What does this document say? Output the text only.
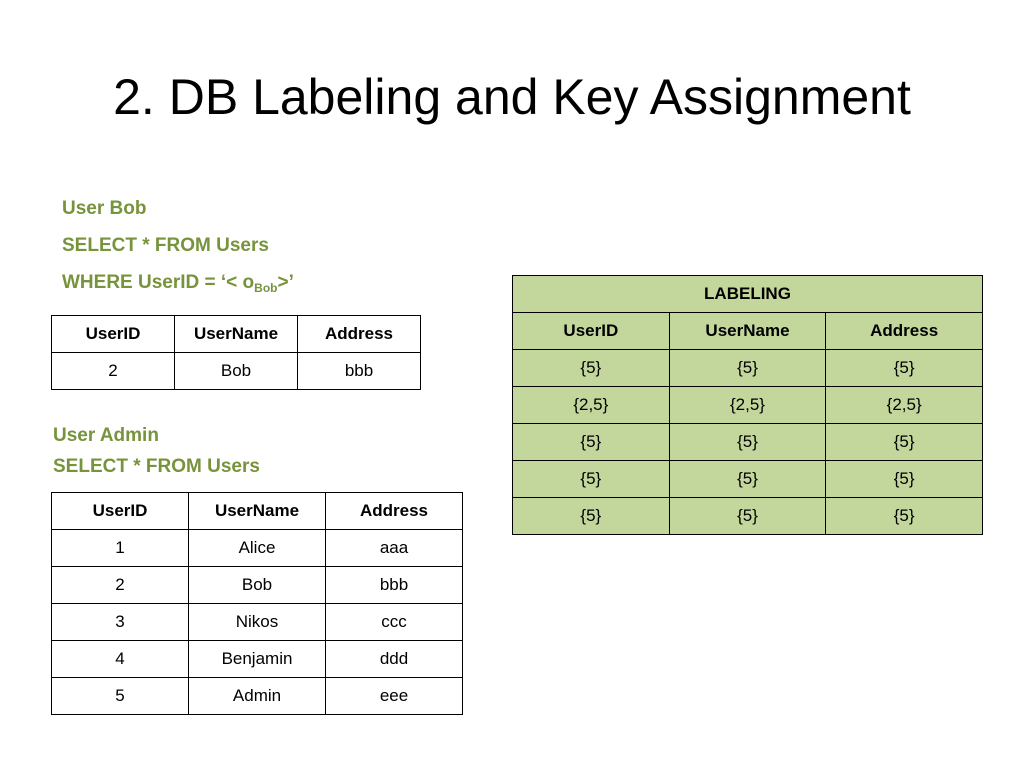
2. DB Labeling and Key Assignment
User Bob
SELECT * FROM Users
WHERE UserID = ‘< $o_{Bob}>$’
UserID	UserName	Address
2	Bob	bbb
User Admin
SELECT * FROM Users
UserID	UserName	Address
1	Alice	aaa
2	Bob	bbb
3	Nikos	ccc
4	Benjamin	ddd
5	Admin	eee
LABELING		
UserID	UserName	Address
{5}	{5}	{5}
{2,5}	{2,5}	{2,5}
{5}	{5}	{5}
{5}	{5}	{5}
{5}	{5}	{5}
